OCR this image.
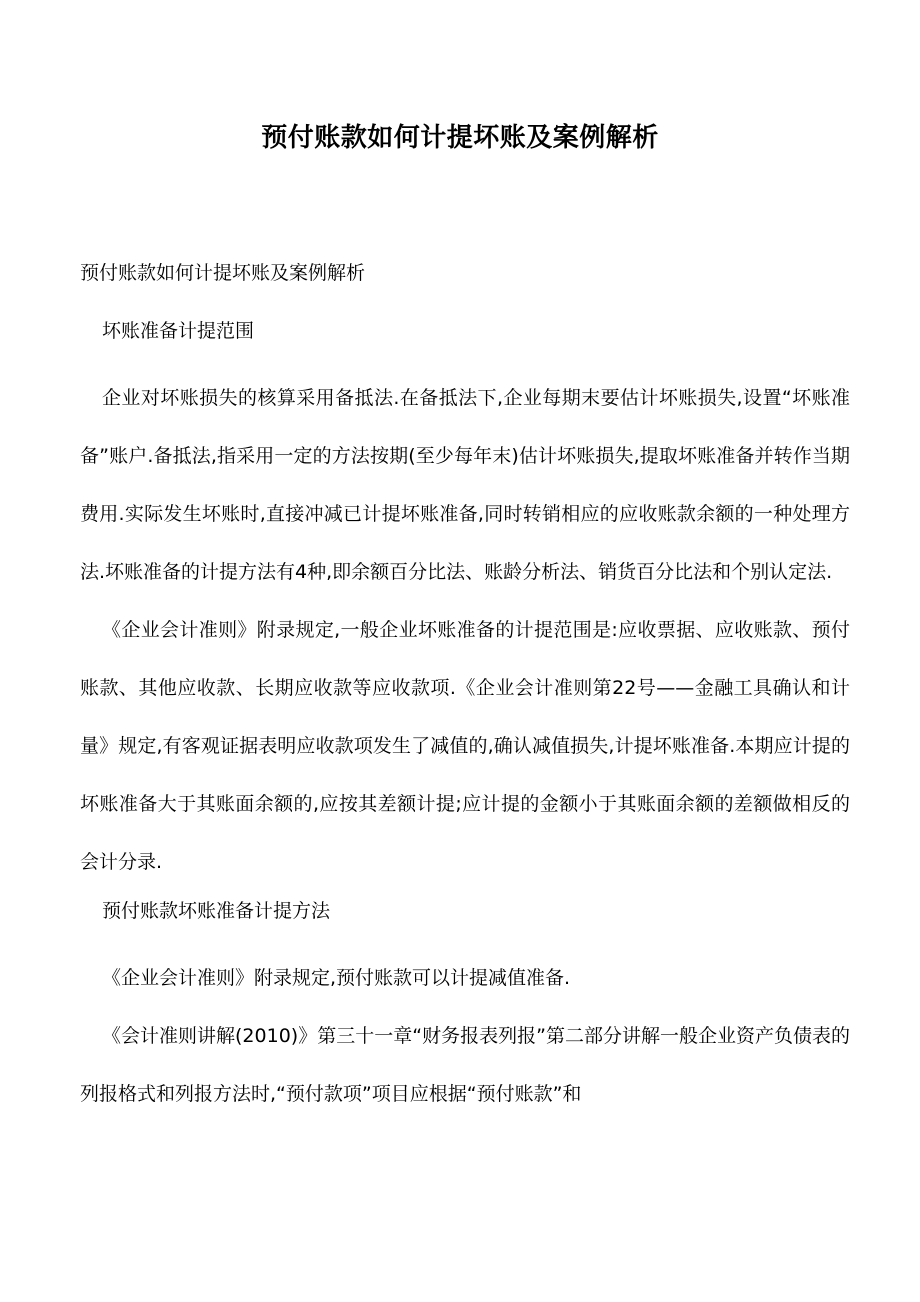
预付账款如何计提坏账及案例解析

预付账款如何计提坏账及案例解析

坏账准备计提范围

企业对坏账损失的核算采用备抵法.在备抵法下,企业每期末要估计坏账损失,设置“坏账准备”账户.备抵法,指采用一定的方法按期(至少每年末)估计坏账损失,提取坏账准备并转作当期费用.实际发生坏账时,直接冲减已计提坏账准备,同时转销相应的应收账款余额的一种处理方法.坏账准备的计提方法有4种,即余额百分比法、账龄分析法、销货百分比法和个别认定法.

《企业会计准则》附录规定,一般企业坏账准备的计提范围是:应收票据、应收账款、预付账款、其他应收款、长期应收款等应收款项.《企业会计准则第22号——金融工具确认和计量》规定,有客观证据表明应收款项发生了减值的,确认减值损失,计提坏账准备.本期应计提的坏账准备大于其账面余额的,应按其差额计提;应计提的金额小于其账面余额的差额做相反的会计分录.

预付账款坏账准备计提方法

《企业会计准则》附录规定,预付账款可以计提减值准备.

《会计准则讲解(2010)》第三十一章“财务报表列报”第二部分讲解一般企业资产负债表的列报格式和列报方法时,“预付款项”项目应根据“预付账款”和
